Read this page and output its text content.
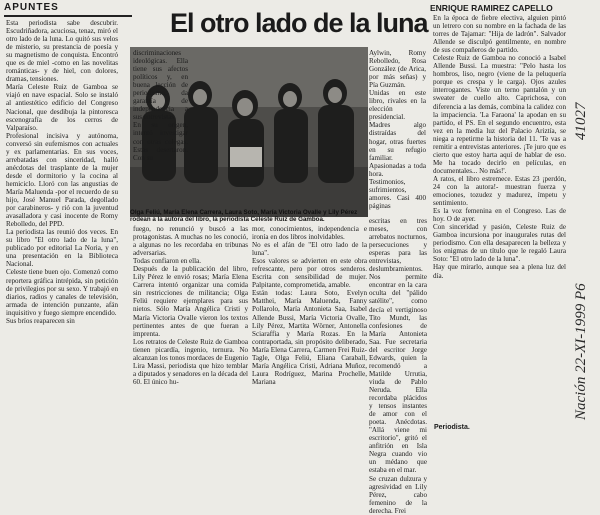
APUNTES	ENRIQUE RAMIREZ CAPELLO
El otro lado de la luna
Esta periodista sabe descubrir. Escudriñadora, acuciosa, tenaz, miró el otro lado de la luna. Lo quitó sus velos de misterio, su prestancia de poesía y su magnetismo de conquista. Encontró que es de miel -como en las novelitas románticas- y de hiel, con dolores, dramas, tensiones.
María Celeste Ruiz de Gamboa se viajó en nave espacial. Solo se instaló al antiestético edificio del Congreso Nacional, que desdibuja la pintoresca escenografía de los cerros de Valparaíso.
Profesional incisiva y autónoma, conversó sin eufemismos con actuales y ex parlamentarias. En sus voces, arrebatadas con sinceridad, halló anécdotas del trasplante de la mujer desde el dormitorio y la cocina al hemiciclo. Lloró con las angustias de María Maluenda -por el recuerdo de su hijo, José Manuel Parada, degollado por carabineros- y rió con la juventud avasalladora y casi inocente de Romy Rebolledo, del PPD.
La periodista las reunió dos veces. En su libro "El otro lado de la luna", publicado por editorial La Noria, y en una presentación en la Biblioteca Nacional.
Celeste tiene buen ojo. Comenzó como reportera gráfica intrépida, sin petición de privilegios por su sexo. Y trabajó en diarios, radios y canales de televisión, armada de intención punzante, afán inquisitivo y fuego siempre encendido.
Sus bríos reaparecen sin
En la época de fiebre electiva, alguien pintó un letrero con su nombre en la fachada de las torres de Tajamar: "Hija de ladrón". Salvador Allende se disculpó gentilmente, en nombre de sus compañeros de partido.
Celeste Ruiz de Gamboa no conoció a Isabel Allende Bussi. La muestra: "Pelo hasta los hombros, liso, negro (viene de la peluquería porque es crespa y le carga). Ojos azules interrogantes. Viste un terno pantalón y un sweater de cuello alto. Caprichosa, con diferencia a las demás, combina la calidez con la impaciencia. 'La Faraona' la apodan en su partido, el PS. En el segundo encuentro, esta vez en la media luz del Palacio Ariztía, se niega a repetirme la historia del 11. 'Te vas a remitir a entrevistas anteriores. ¡Te juro que es cierto que estoy harta aquí de hablar de eso. Me ha tocado decirlo en películas, en documentales... No más!'.
A ratos, el libro estremece. Estas 23 ¡perdón, 24 con la autora!- muestran fuerza y emociones, tozudez y madurez, ímpetu y sentimiento.
Es la voz femenina en el Congreso. Las de hoy. O de ayer.
Con sinceridad y pasión, Celeste Ruiz de Gamboa incursiona por inaugurales rutas del periodismo. Con ella desaparecen la belleza y los enigmas de un título que le regaló Laura Soto: "El otro lado de la luna".
Hay que mirarlo, aunque sea a plena luz del día.
Olga Feliú, María Elena Carrera, Laura Soto, María Victoria Ovalle y Lily Pérez rodean a la autora del libro, la periodista Celeste Ruiz de Gamboa.
discriminaciones ideológicas. Ella tiene sus afectos políticos y, en buena lección de periodismo, da garantía de independencia a sus entrevistas.
En su origen, intentó investigar con otras colegas. Estas desertaron. Con su
Aylwin, Romy Rebolledo, Rosa González (de Arica, por más señas) y Pía Guzmán.
Unidas en este libro, rivales en la elección presidencial.
Madres algo distraídas del hogar, otras fuertes en su refugio familiar. Apasionadas a toda hora.
Testimonios, sufrimientos, amores. Casi 400 páginas
fuego, no renunció y buscó a las protagonistas. A muchas no les conoció, a algunas no les recordaba en tribunas adversarias.
Todas confiaron en ella.
Después de la publicación del libro, Lily Pérez le envió rosas; María Elena Carrera intentó organizar una comida sin restricciones de militancia; Olga Feliú requiere ejemplares para sus nietos. Sólo María Angélica Cristi y María Victoria Ovalle vieron los textos pertinentes antes de que fueran a imprenta.
Los retratos de Celeste Ruiz de Gamboa tienen picardía, ingenio, ternura. No alcanzan los tonos mordaces de Eugenio Lira Massi, periodista que hizo temblar a diputados y senadores en la década del 60. El único hu-
mor, conocimientos, independencia e ironía en dos libros inolvidables.
No es el afán de "El otro lado de la luna".
Esos valores se advierten en este obra refrescante, pero por otros senderos. Escrita con sensibilidad de mujer. Palpitante, comprometida, amable.
Están todas: Laura Soto, Evelyn Matthei, María Maluenda, Fanny Pollarolo, María Antonieta Saa, Isabel Allende Bussi, María Victoria Ovalle, Lily Pérez, Martita Wörner, Antonella Sciaraffia y María Rozas. En la contraportada, sin propósito deliberado, María Elena Carrera, Carmen Frei Ruiz-Tagle, Olga Feliú, Eliana Caraball, María Angélica Cristi, Adriana Muñoz, Laura Rodríguez, Marina Prochelle, Mariana
escritas en tres meses, con arrebatos nocturnos, persecuciones y esperas para las entrevistas, deslumbramientos.
Nos permite encontrar en la cara oculta del "pálido satélite", como decía el vertiginoso Tito Mundt, las confesiones de María Antonieta Saa. Fue secretaria del escritor Jorge Edwards, quien la recomendó a Matilde Urrutia, viuda de Pablo Neruda. Ella recordaba plácidos y tensos instantes de amor con el poeta. Anécdotas. "Allá viene mi escritorio", gritó el anfitrión en Isla Negra cuando vio un médano que estaba en el mar.
Se cruzan dulzura y agresividad en Lily Pérez, cabo femenino de la derecha. Frei
Periodista.
Nación 22-XI-1999 P6
41027
